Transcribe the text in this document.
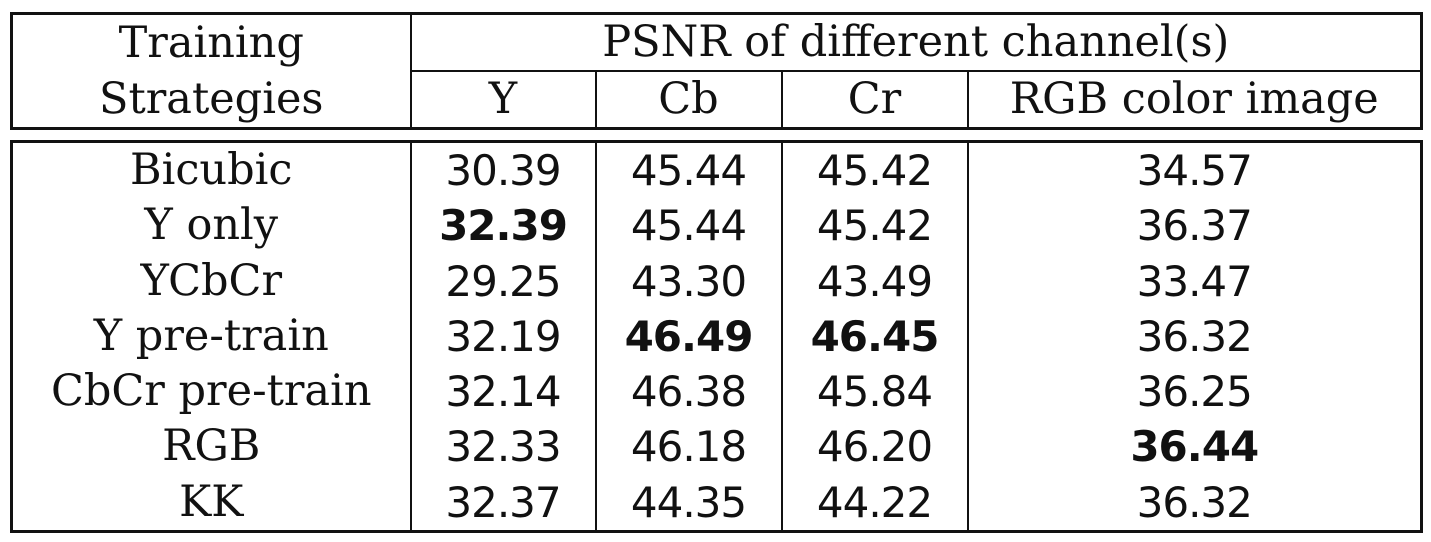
Training	PSNR of different channel(s)			
Strategies	Y	Cb	Cr	RGB color image
Bicubic	30.39	45.44	45.42	34.57
Y only	32.39	45.44	45.42	36.37
YCbCr	29.25	43.30	43.49	33.47
Y pre-train	32.19	46.49	46.45	36.32
CbCr pre-train	32.14	46.38	45.84	36.25
RGB	32.33	46.18	46.20	36.44
KK	32.37	44.35	44.22	36.32
